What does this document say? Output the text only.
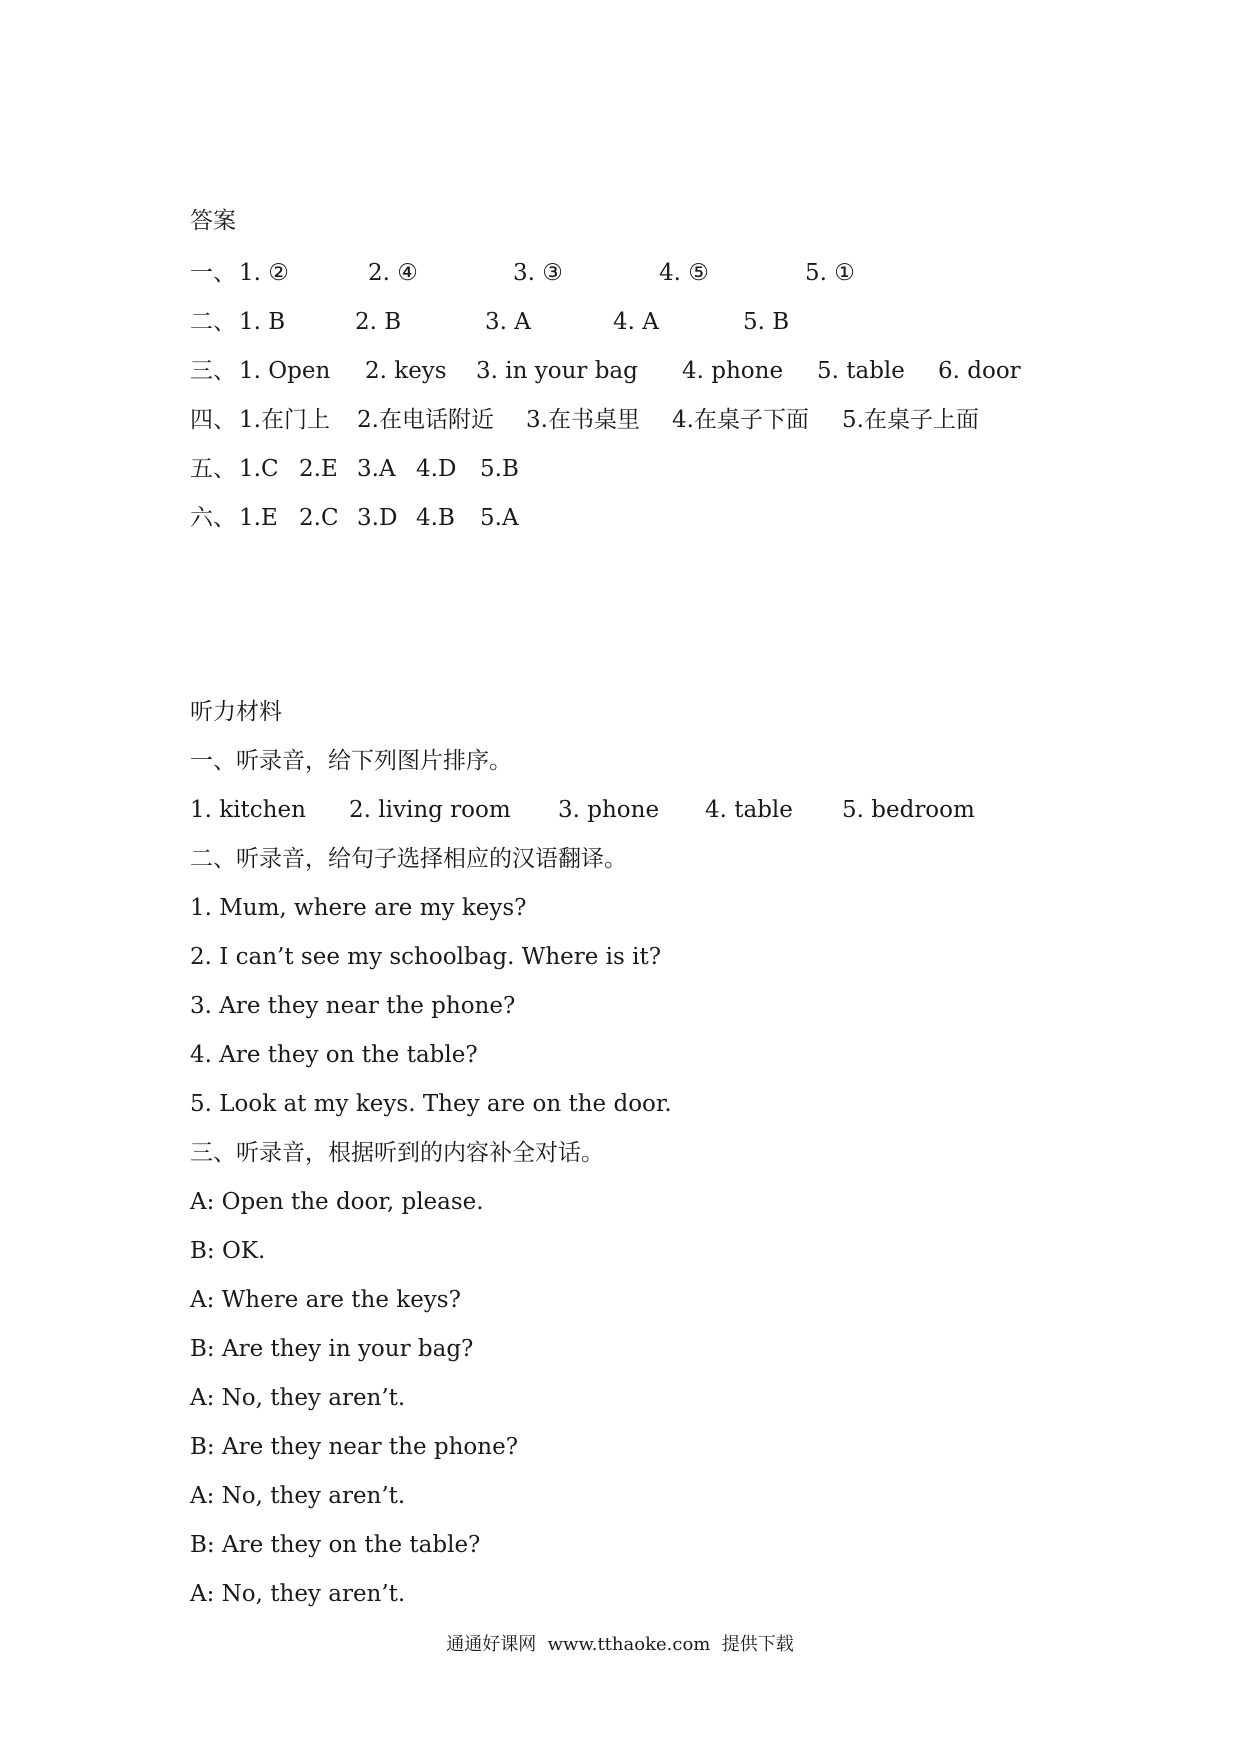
答案
一、 1. ②	2. ④	3. ③	4. ⑤	5. ①
二、 1. B	2. B	3. A	4. A	5. B
三、 1. Open 2. keys 3. in your bag 4. phone 5. table 6. door
四、 1.在门上 2.在电话附近 3.在书桌里 4.在桌子下面 5.在桌子上面
五、 1.C 2.E 3.A 4.D 5.B
六、 1.E 2.C 3.D 4.B 5.A
听力材料
一、听录音，给下列图片排序。
1. kitchen 2. living room 3. phone 4. table 5. bedroom
二、听录音，给句子选择相应的汉语翻译。
1. Mum, where are my keys?
2. I can’t see my schoolbag. Where is it?
3. Are they near the phone?
4. Are they on the table?
5. Look at my keys. They are on the door.
三、听录音，根据听到的内容补全对话。
A: Open the door, please.
B: OK.
A: Where are the keys?
B: Are they in your bag?
A: No, they aren’t.
B: Are they near the phone?
A: No, they aren’t.
B: Are they on the table?
A: No, they aren’t.
通通好课网  www.tthaoke.com  提供下载
